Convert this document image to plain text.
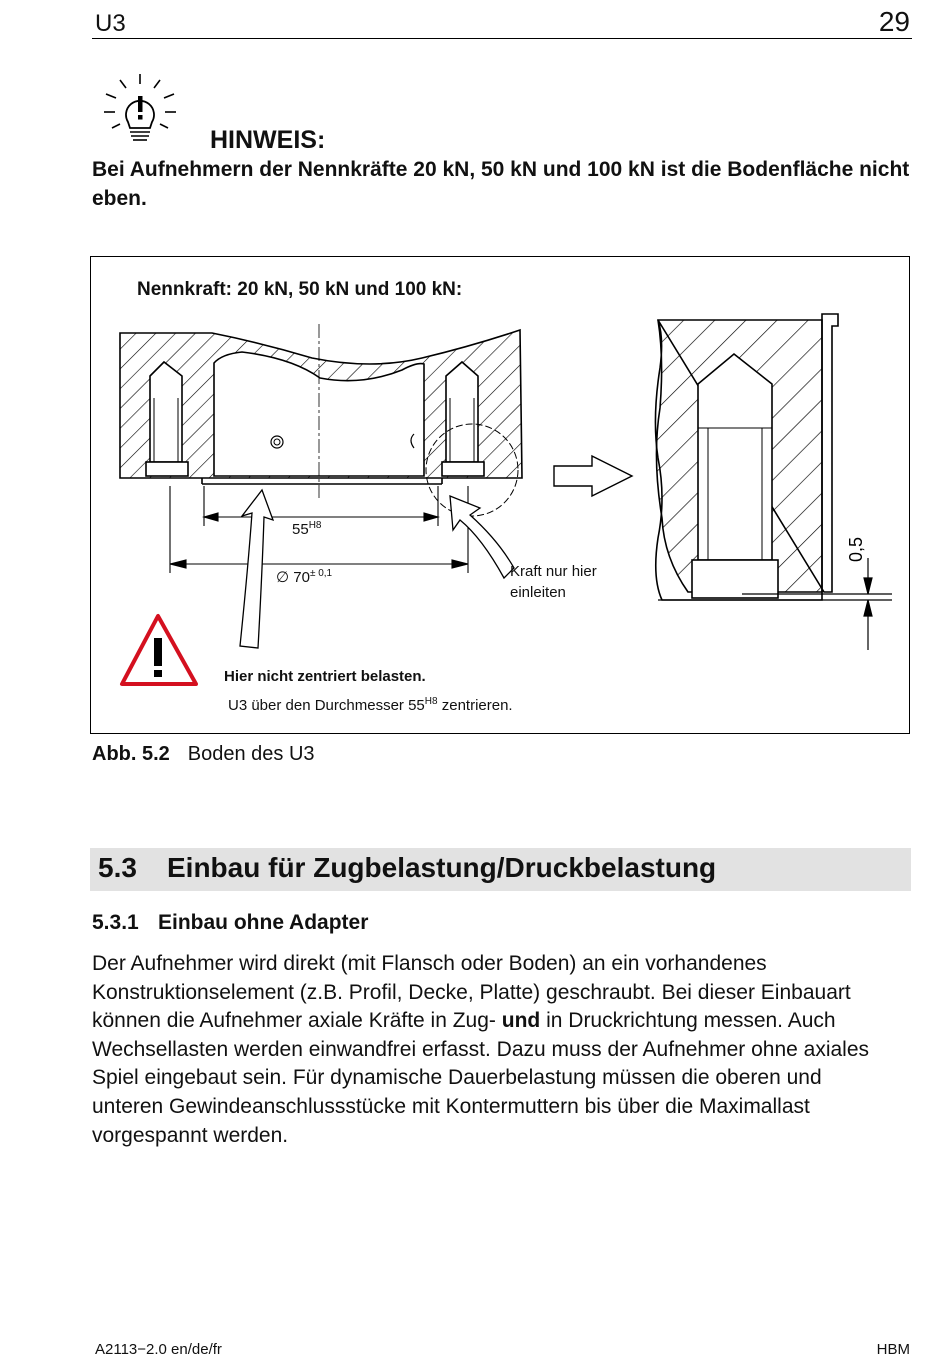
U3	29
HINWEIS:
Bei Aufnehmern der Nennkräfte 20 kN, 50 kN und 100 kN ist die Bodenfläche nicht eben.
Nennkraft: 20 kN, 50 kN und 100 kN:
0,5
$55^{H8}$
∅ $70^{\pm 0,1}$	Kraft nur hier
einleiten
Hier nicht zentriert belasten.
U3 über den Durchmesser $55^{H8}$ zentrieren.
Abb. 5.2 Boden des U3
5.3 Einbau für Zugbelastung/Druckbelastung
5.3.1 Einbau ohne Adapter
Der Aufnehmer wird direkt (mit Flansch oder Boden) an ein vorhandenes Konstruktionselement (z.B. Profil, Decke, Platte) geschraubt. Bei dieser Einbauart können die Aufnehmer axiale Kräfte in Zug- und in Druckrichtung messen. Auch Wechsellasten werden einwandfrei erfasst. Dazu muss der Aufnehmer ohne axiales Spiel eingebaut sein. Für dynamische Dauerbelastung müssen die oberen und unteren Gewindeanschlussstücke mit Kontermuttern bis über die Maximallast vorgespannt werden.
A2113−2.0 en/de/fr	HBM
